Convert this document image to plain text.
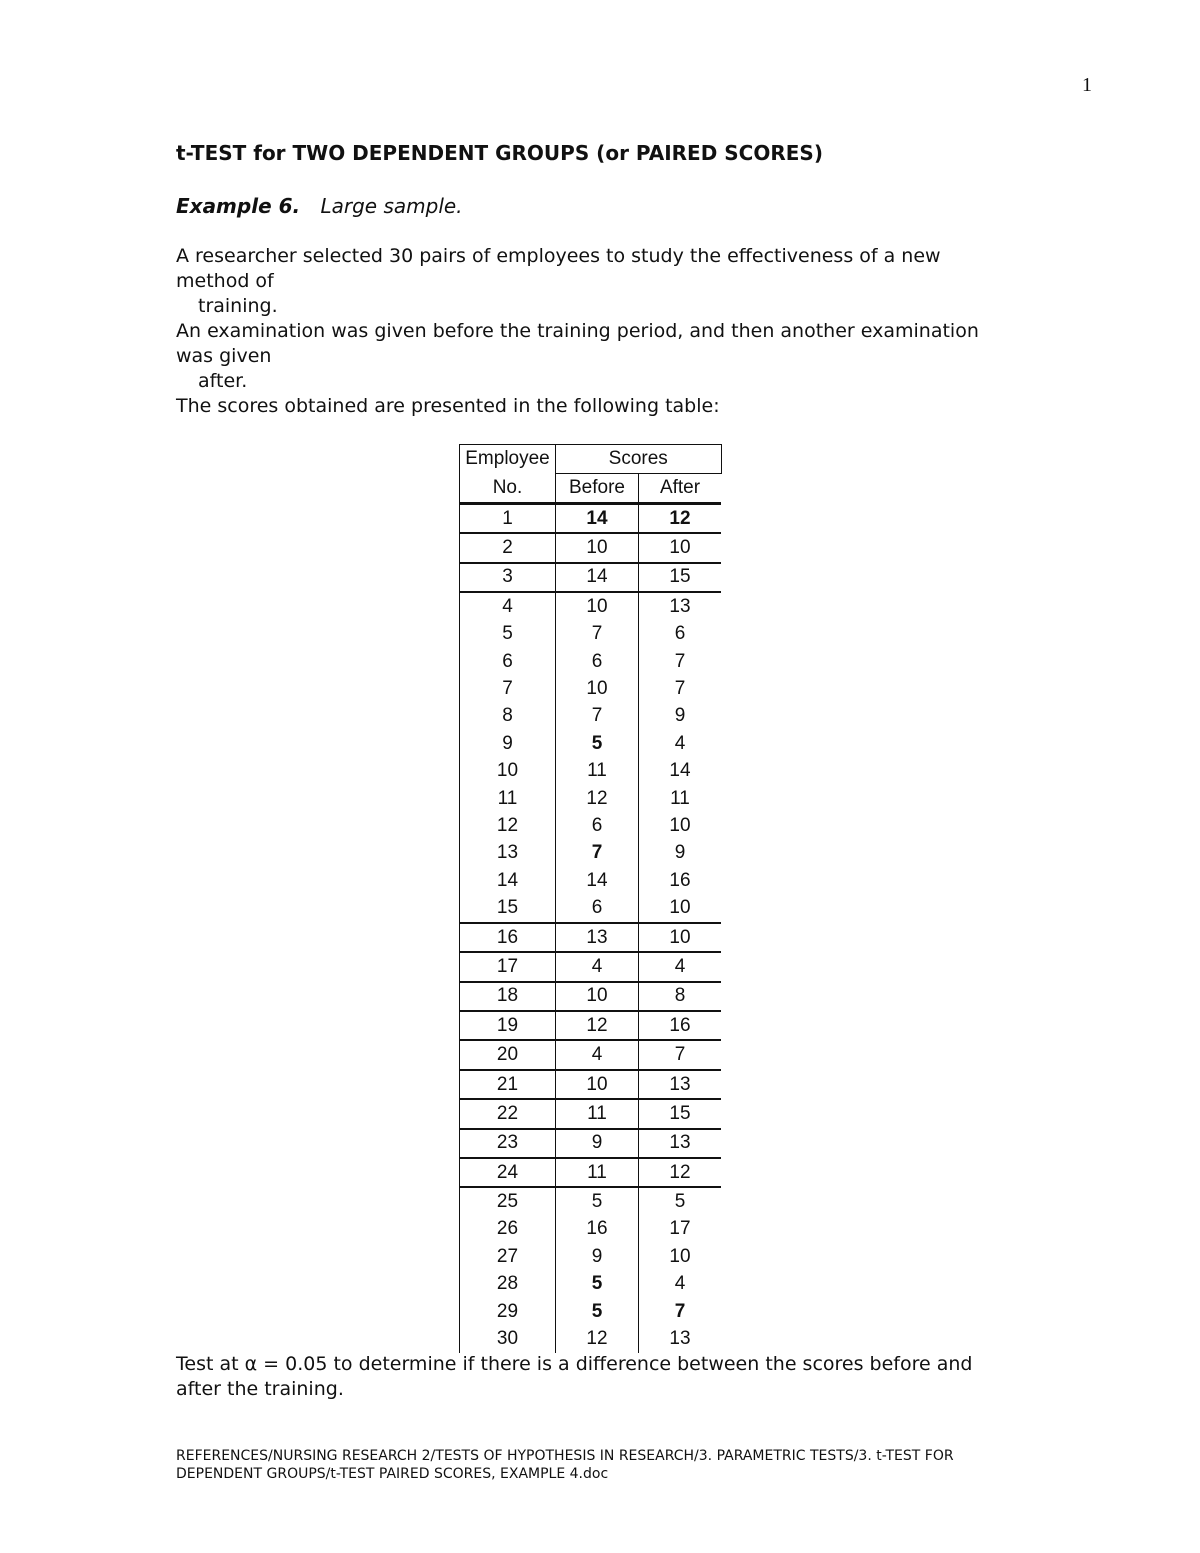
1
t-TEST for TWO DEPENDENT GROUPS (or PAIRED SCORES)
Example 6. Large sample.
A researcher selected 30 pairs of employees to study the effectiveness of a new
method of
training.
An examination was given before the training period, and then another examination
was given
after.
The scores obtained are presented in the following table:
Employee	Scores	
No.	Before	After
1	14	12
2	10	10
3	14	15
4	10	13
5	7	6
6	6	7
7	10	7
8	7	9
9	5	4
10	11	14
11	12	11
12	6	10
13	7	9
14	14	16
15	6	10
16	13	10
17	4	4
18	10	8
19	12	16
20	4	7
21	10	13
22	11	15
23	9	13
24	11	12
25	5	5
26	16	17
27	9	10
28	5	4
29	5	7
30	12	13
Test at α = 0.05 to determine if there is a difference between the scores before and
after the training.
REFERENCES/NURSING RESEARCH 2/TESTS OF HYPOTHESIS IN RESEARCH/3. PARAMETRIC TESTS/3. t-TEST FOR
DEPENDENT GROUPS/t-TEST PAIRED SCORES, EXAMPLE 4.doc
